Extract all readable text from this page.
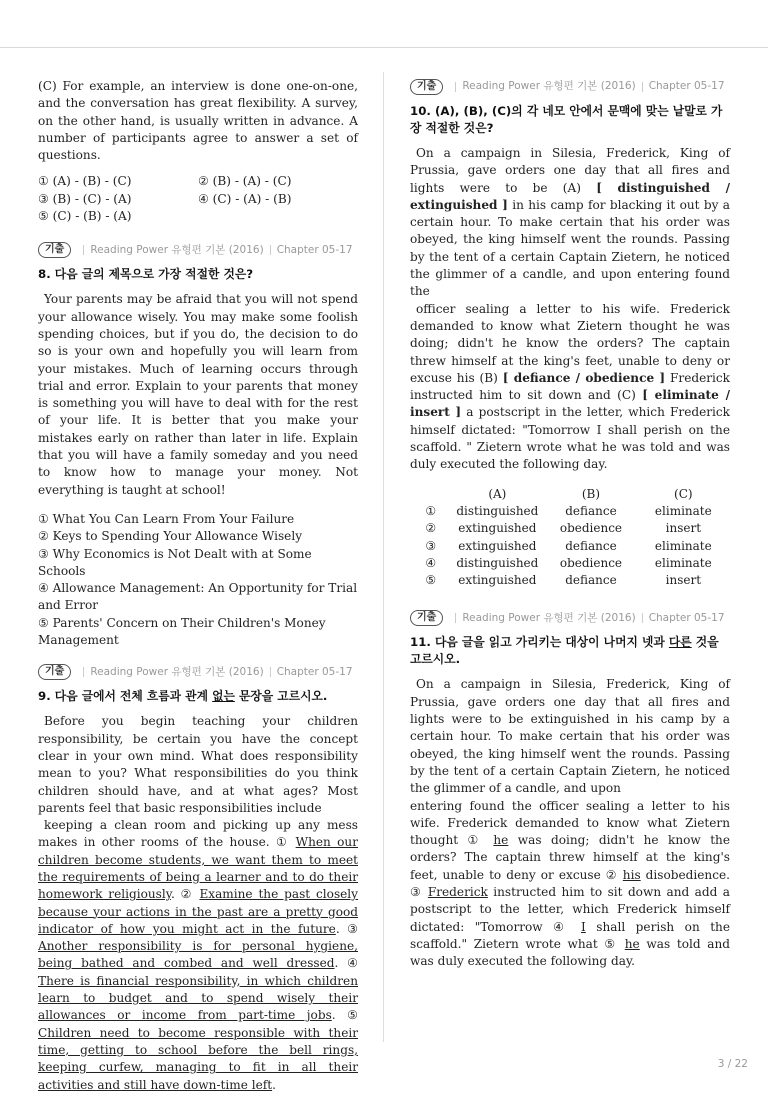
(C) For example, an interview is done one-on-one, and the conversation has great flexibility. A survey, on the other hand, is usually written in advance. A number of participants agree to answer a set of questions.

① (A) - (B) - (C)	② (B) - (A) - (C)
③ (B) - (C) - (A)	④ (C) - (A) - (B)
⑤ (C) - (B) - (A)
기출	Reading Power 유형편 기본 (2016) Chapter 05-17
8. 다음 글의 제목으로 가장 적절한 것은?

Your parents may be afraid that you will not spend your allowance wisely. You may make some foolish spending choices, but if you do, the decision to do so is your own and hopefully you will learn from your mistakes. Much of learning occurs through trial and error. Explain to your parents that money is something you will have to deal with for the rest of your life. It is better that you make your mistakes early on rather than later in life. Explain that you will have a family someday and you need to know how to manage your money. Not everything is taught at school!

① What You Can Learn From Your Failure

② Keys to Spending Your Allowance Wisely

③ Why Economics is Not Dealt with at Some Schools

④ Allowance Management: An Opportunity for Trial and Error

⑤ Parents' Concern on Their Children's Money Management

기출	Reading Power 유형편 기본 (2016) Chapter 05-17
9. 다음 글에서 전체 흐름과 관계 없는 문장을 고르시오.

Before you begin teaching your children responsibility, be certain you have the concept clear in your own mind. What does responsibility mean to you? What responsibilities do you think children should have, and at what ages? Most parents feel that basic responsibilities include

keeping a clean room and picking up any mess makes in other rooms of the house. ① When our children become students, we want them to meet the requirements of being a learner and to do their homework religiously. ② Examine the past closely because your actions in the past are a pretty good indicator of how you might act in the future. ③ Another responsibility is for personal hygiene, being bathed and combed and well dressed. ④ There is financial responsibility, in which children learn to budget and to spend wisely their allowances or income from part-time jobs. ⑤ Children need to become responsible with their time, getting to school before the bell rings, keeping curfew, managing to fit in all their activities and still have down-time left.

기출	Reading Power 유형편 기본 (2016) Chapter 05-17
10. (A), (B), (C)의 각 네모 안에서 문맥에 맞는 낱말로 가장 적절한 것은?

On a campaign in Silesia, Frederick, King of Prussia, gave orders one day that all fires and lights were to be (A) [ distinguished / extinguished ] in his camp for blacking it out by a certain hour. To make certain that his order was obeyed, the king himself went the rounds. Passing by the tent of a certain Captain Zietern, he noticed the glimmer of a candle, and upon entering found the

officer sealing a letter to his wife. Frederick demanded to know what Zietern thought he was doing; didn't he know the orders? The captain threw himself at the king's feet, unable to deny or excuse his (B) [ defiance / obedience ] Frederick instructed him to sit down and (C) [ eliminate / insert ] a postscript in the letter, which Frederick himself dictated: "Tomorrow I shall perish on the scaffold. " Zietern wrote what he was told and was duly executed the following day.

	(A)	(B)	(C)
①	distinguished	defiance	eliminate
②	extinguished	obedience	insert
③	extinguished	defiance	eliminate
④	distinguished	obedience	eliminate
⑤	extinguished	defiance	insert
기출	Reading Power 유형편 기본 (2016) Chapter 05-17
11. 다음 글을 읽고 가리키는 대상이 나머지 넷과 다른 것을 고르시오.

On a campaign in Silesia, Frederick, King of Prussia, gave orders one day that all fires and lights were to be extinguished in his camp by a certain hour. To make certain that his order was obeyed, the king himself went the rounds. Passing by the tent of a certain Captain Zietern, he noticed the glimmer of a candle, and upon

entering found the officer sealing a letter to his wife. Frederick demanded to know what Zietern thought ① he was doing; didn't he know the orders? The captain threw himself at the king's feet, unable to deny or excuse ② his disobedience. ③ Frederick instructed him to sit down and add a postscript to the letter, which Frederick himself dictated: "Tomorrow ④ I shall perish on the scaffold." Zietern wrote what ⑤ he was told and was duly executed the following day.

3 / 22
